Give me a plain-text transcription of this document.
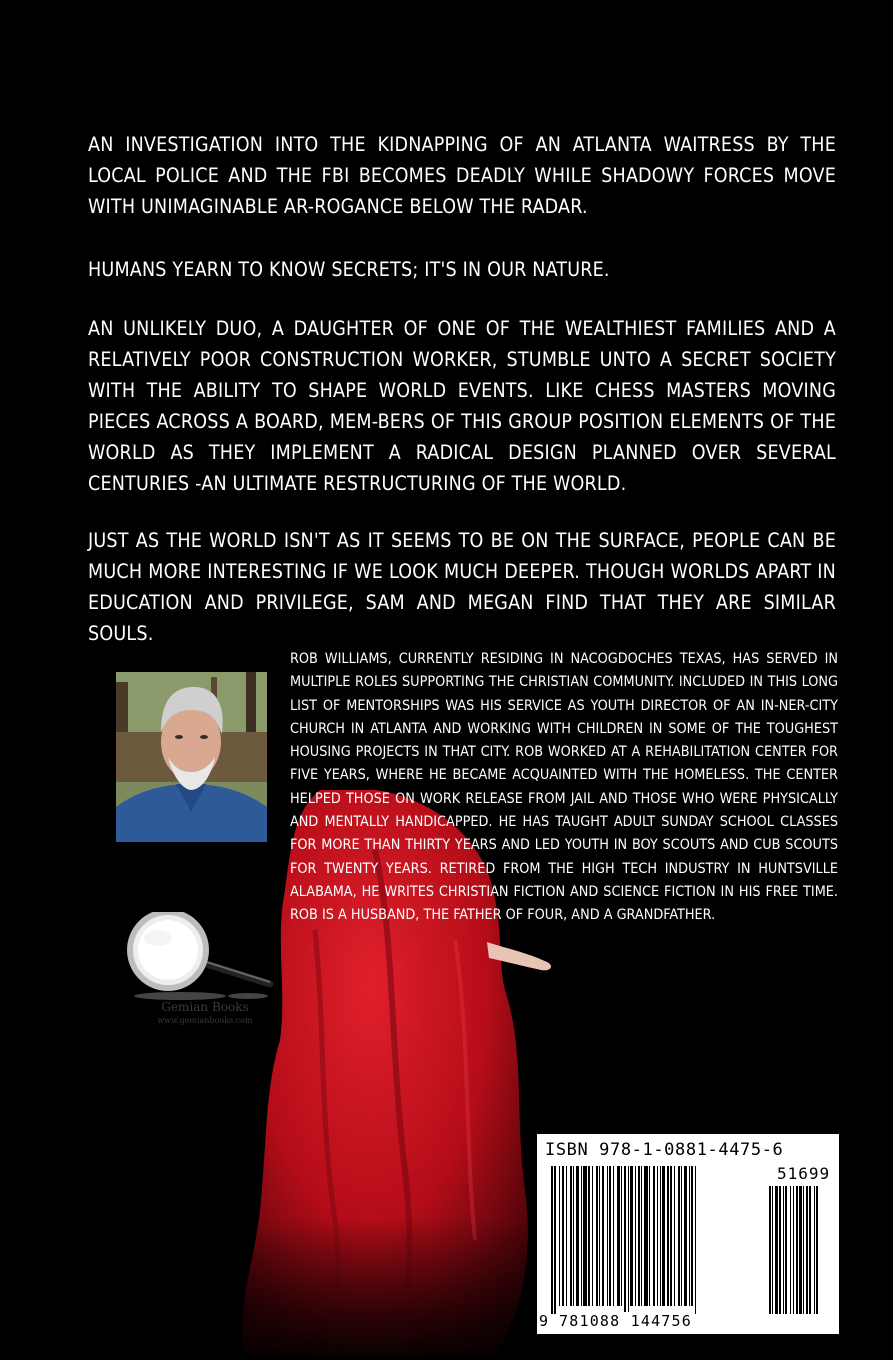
AN INVESTIGATION INTO THE KIDNAPPING OF AN ATLANTA WAITRESS BY THE LOCAL POLICE AND THE FBI BECOMES DEADLY WHILE SHADOWY FORCES MOVE WITH UNIMAGINABLE AR-ROGANCE BELOW THE RADAR.

HUMANS YEARN TO KNOW SECRETS; IT'S IN OUR NATURE.

AN UNLIKELY DUO, A DAUGHTER OF ONE OF THE WEALTHIEST FAMILIES AND A RELATIVELY POOR CONSTRUCTION WORKER, STUMBLE UNTO A SECRET SOCIETY WITH THE ABILITY TO SHAPE WORLD EVENTS. LIKE CHESS MASTERS MOVING PIECES ACROSS A BOARD, MEM-BERS OF THIS GROUP POSITION ELEMENTS OF THE WORLD AS THEY IMPLEMENT A RADICAL DESIGN PLANNED OVER SEVERAL CENTURIES -AN ULTIMATE RESTRUCTURING OF THE WORLD.

JUST AS THE WORLD ISN'T AS IT SEEMS TO BE ON THE SURFACE, PEOPLE CAN BE MUCH MORE INTERESTING IF WE LOOK MUCH DEEPER. THOUGH WORLDS APART IN EDUCATION AND PRIVILEGE, SAM AND MEGAN FIND THAT THEY ARE SIMILAR SOULS.

Gemian Books
www.gemianbooks.com

ROB WILLIAMS, CURRENTLY RESIDING IN NACOGDOCHES TEXAS, HAS SERVED IN MULTIPLE ROLES SUPPORTING THE CHRISTIAN COMMUNITY. INCLUDED IN THIS LONG LIST OF MENTORSHIPS WAS HIS SERVICE AS YOUTH DIRECTOR OF AN IN-NER-CITY CHURCH IN ATLANTA AND WORKING WITH CHILDREN IN SOME OF THE TOUGHEST HOUSING PROJECTS IN THAT CITY. ROB WORKED AT A REHABILITATION CENTER FOR FIVE YEARS, WHERE HE BECAME ACQUAINTED WITH THE HOMELESS. THE CENTER HELPED THOSE ON WORK RELEASE FROM JAIL AND THOSE WHO WERE PHYSICALLY AND MENTALLY HANDICAPPED. HE HAS TAUGHT ADULT SUNDAY SCHOOL CLASSES FOR MORE THAN THIRTY YEARS AND LED YOUTH IN BOY SCOUTS AND CUB SCOUTS FOR TWENTY YEARS. RETIRED FROM THE HIGH TECH INDUSTRY IN HUNTSVILLE ALABAMA, HE WRITES CHRISTIAN FICTION AND SCIENCE FICTION IN HIS FREE TIME. ROB IS A HUSBAND, THE FATHER OF FOUR, AND A GRANDFATHER.

ISBN 978-1-0881-4475-6
51699
9 781088 144756
